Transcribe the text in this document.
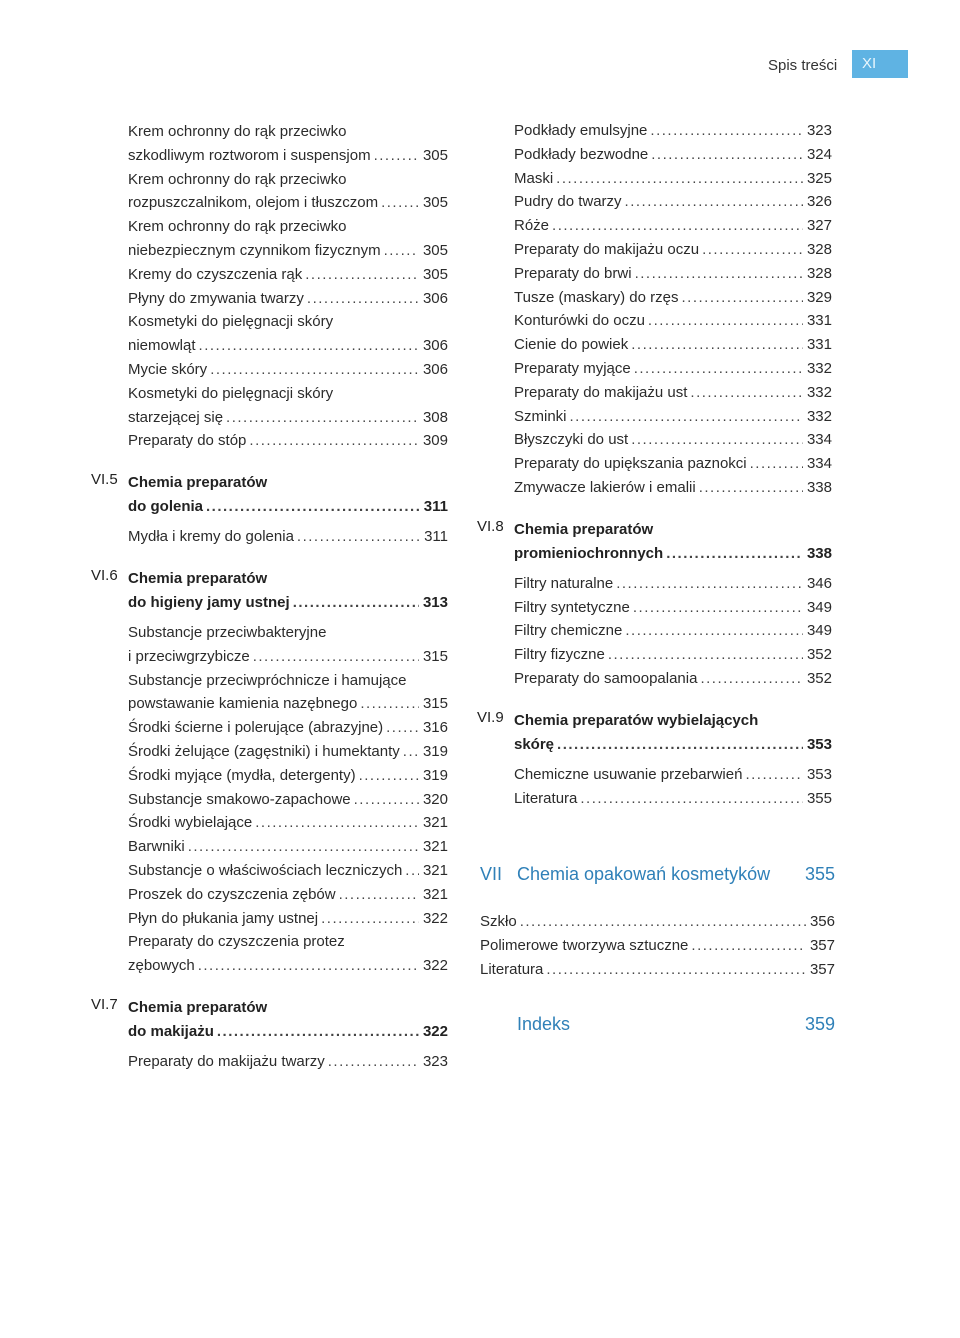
Spis treści	XI
Krem ochronny do rąk przeciwko
szkodliwym roztworom i suspensjom .....	305
Krem ochronny do rąk przeciwko
rozpuszczalnikom, olejom i tłuszczom .....	305
Krem ochronny do rąk przeciwko
niebezpiecznym czynnikom fizycznym .....	305
Kremy do czyszczenia rąk .....	305
Płyny do zmywania twarzy .....	306
Kosmetyki do pielęgnacji skóry
niemowląt .....	306
Mycie skóry .....	306
Kosmetyki do pielęgnacji skóry
starzejącej się .....	308
Preparaty do stóp .....	309
VI.5 Chemia preparatów
do golenia .....	311
Mydła i kremy do golenia .....	311
VI.6 Chemia preparatów
do higieny jamy ustnej .....	313
Substancje przeciwbakteryjne
i przeciwgrzybicze .....	315
Substancje przeciwpróchnicze i hamujące
powstawanie kamienia nazębnego .....	315
Środki ścierne i polerujące (abrazyjne) .....	316
Środki żelujące (zagęstniki) i humektanty ..... 319
Środki myjące (mydła, detergenty) .....	319
Substancje smakowo-zapachowe .....	320
Środki wybielające .....	321
Barwniki .....	321
Substancje o właściwościach leczniczych ..... 321
Proszek do czyszczenia zębów .....	321
Płyn do płukania jamy ustnej .....	322
Preparaty do czyszczenia protez
zębowych .....	322
VI.7 Chemia preparatów
do makijażu .....	322
Preparaty do makijażu twarzy .....	323
Podkłady emulsyjne .....	323
Podkłady bezwodne .....	324
Maski .....	325
Pudry do twarzy .....	326
Róże .....	327
Preparaty do makijażu oczu .....	328
Preparaty do brwi .....	328
Tusze (maskary) do rzęs .....	329
Konturówki do oczu .....	331
Cienie do powiek .....	331
Preparaty myjące .....	332
Preparaty do makijażu ust .....	332
Szminki .....	332
Błyszczyki do ust .....	334
Preparaty do upiększania paznokci .....	334
Zmywacze lakierów i emalii .....	338
VI.8 Chemia preparatów
promieniochronnych .....	338
Filtry naturalne .....	346
Filtry syntetyczne .....	349
Filtry chemiczne .....	349
Filtry fizyczne .....	352
Preparaty do samoopalania .....	352
VI.9 Chemia preparatów wybielających
skórę .....	353
Chemiczne usuwanie przebarwień .....	353
Literatura .....	355
VII Chemia opakowań kosmetyków 355
Szkło .....	356
Polimerowe tworzywa sztuczne .....	357
Literatura .....	357
Indeks	359
